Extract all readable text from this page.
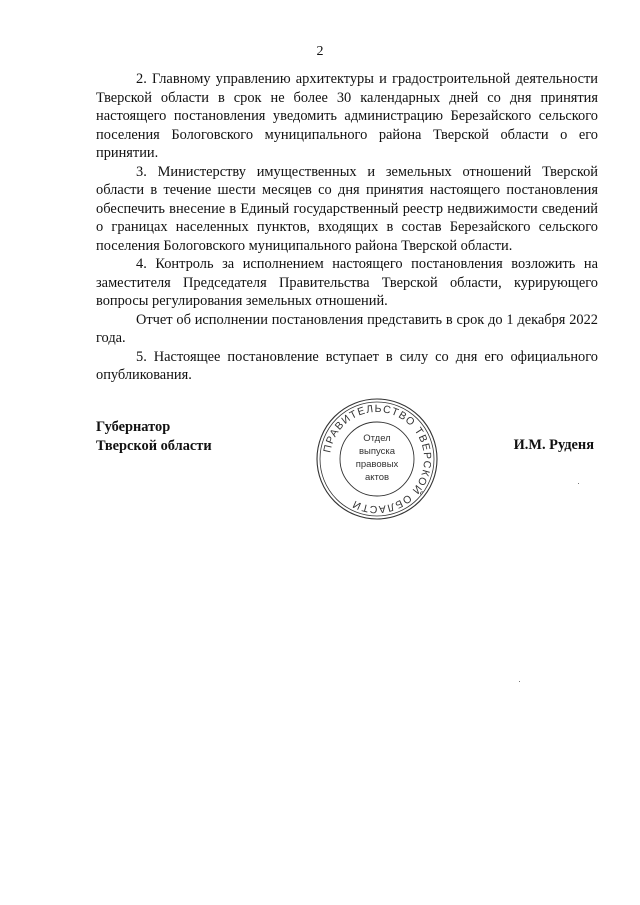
2

2. Главному управлению архитектуры и градостроительной деятельности Тверской области в срок не более 30 календарных дней со дня принятия настоящего постановления уведомить администрацию Березайского сельского поселения Бологовского муниципального района Тверской области о его принятии.

3. Министерству имущественных и земельных отношений Тверской области в течение шести месяцев со дня принятия настоящего постановления обеспечить внесение в Единый государственный реестр недвижимости сведений о границах населенных пунктов, входящих в состав Березайского сельского поселения Бологовского муниципального района Тверской области.

4. Контроль за исполнением настоящего постановления возложить на заместителя Председателя Правительства Тверской области, курирующего вопросы регулирования земельных отношений.

Отчет об исполнении постановления представить в срок до 1 декабря 2022 года.

5. Настоящее постановление вступает в силу со дня его официального опубликования.

Губернатор
Тверской области	ПРАВИТЕЛЬСТВО ТВЕРСКОЙ ОБЛАСТИ
Отдел
выпуска
правовых
актов
И.М. Руденя
